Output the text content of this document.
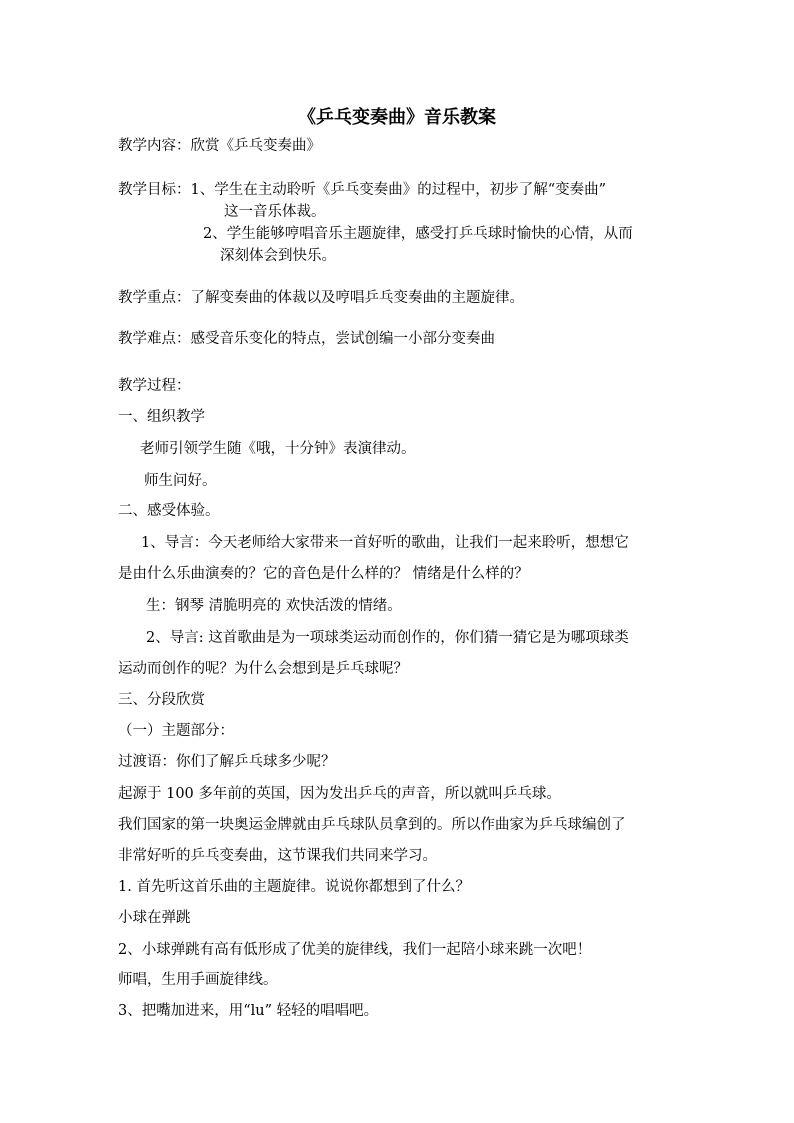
《乒乓变奏曲》音乐教案
教学内容：欣赏《乒乓变奏曲》
教学目标：1、学生在主动聆听《乒乓变奏曲》的过程中，初步了解“变奏曲”
这一音乐体裁。
2、学生能够哼唱音乐主题旋律，感受打乒乓球时愉快的心情，从而
深刻体会到快乐。
教学重点：了解变奏曲的体裁以及哼唱乒乓变奏曲的主题旋律。
教学难点：感受音乐变化的特点，尝试创编一小部分变奏曲
教学过程：
一、组织教学
老师引领学生随《哦，十分钟》表演律动。
师生问好。
二、感受体验。
1、导言：今天老师给大家带来一首好听的歌曲，让我们一起来聆听，想想它
是由什么乐曲演奏的？它的音色是什么样的？ 情绪是什么样的？
生：钢琴 清脆明亮的 欢快活泼的情绪。
2、导言: 这首歌曲是为一项球类运动而创作的，你们猜一猜它是为哪项球类
运动而创作的呢？为什么会想到是乒乓球呢？
三、分段欣赏
（一）主题部分：
过渡语：你们了解乒乓球多少呢？
起源于 100 多年前的英国，因为发出乒乓的声音，所以就叫乒乓球。
我们国家的第一块奥运金牌就由乒乓球队员拿到的。所以作曲家为乒乓球编创了
非常好听的乒乓变奏曲，这节课我们共同来学习。
1. 首先听这首乐曲的主题旋律。说说你都想到了什么？
小球在弹跳
2、小球弹跳有高有低形成了优美的旋律线，我们一起陪小球来跳一次吧！
师唱，生用手画旋律线。
3、把嘴加进来，用“lu” 轻轻的唱唱吧。
